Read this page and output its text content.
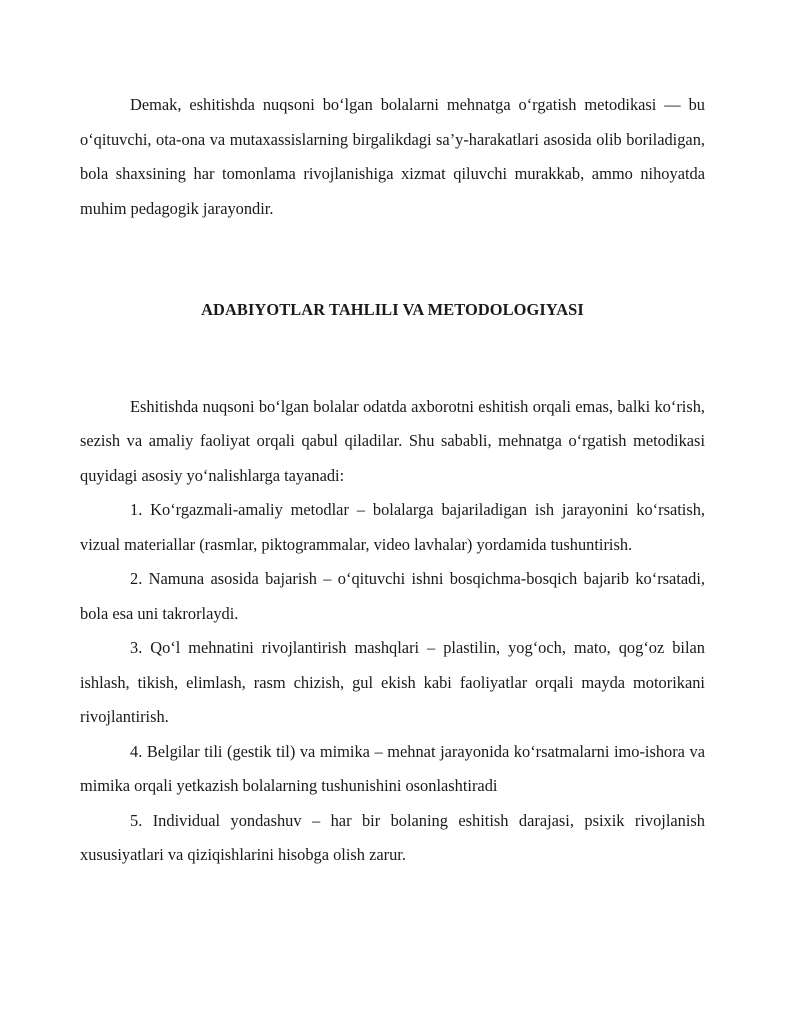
Demak, eshitishda nuqsoni bo‘lgan bolalarni mehnatga o‘rgatish metodikasi — bu o‘qituvchi, ota-ona va mutaxassislarning birgalikdagi sa’y-harakatlari asosida olib boriladigan, bola shaxsining har tomonlama rivojlanishiga xizmat qiluvchi murakkab, ammo nihoyatda muhim pedagogik jarayondir.

ADABIYOTLAR TAHLILI VA METODOLOGIYASI

Eshitishda nuqsoni bo‘lgan bolalar odatda axborotni eshitish orqali emas, balki ko‘rish, sezish va amaliy faoliyat orqali qabul qiladilar. Shu sababli, mehnatga o‘rgatish metodikasi quyidagi asosiy yo‘nalishlarga tayanadi:

1. Ko‘rgazmali-amaliy metodlar – bolalarga bajariladigan ish jarayonini ko‘rsatish, vizual materiallar (rasmlar, piktogrammalar, video lavhalar) yordamida tushuntirish.

2. Namuna asosida bajarish – o‘qituvchi ishni bosqichma-bosqich bajarib ko‘rsatadi, bola esa uni takrorlaydi.

3. Qo‘l mehnatini rivojlantirish mashqlari – plastilin, yog‘och, mato, qog‘oz bilan ishlash, tikish, elimlash, rasm chizish, gul ekish kabi faoliyatlar orqali mayda motorikani rivojlantirish.

4. Belgilar tili (gestik til) va mimika – mehnat jarayonida ko‘rsatmalarni imo-ishora va mimika orqali yetkazish bolalarning tushunishini osonlashtiradi

5. Individual yondashuv – har bir bolaning eshitish darajasi, psixik rivojlanish xususiyatlari va qiziqishlarini hisobga olish zarur.
